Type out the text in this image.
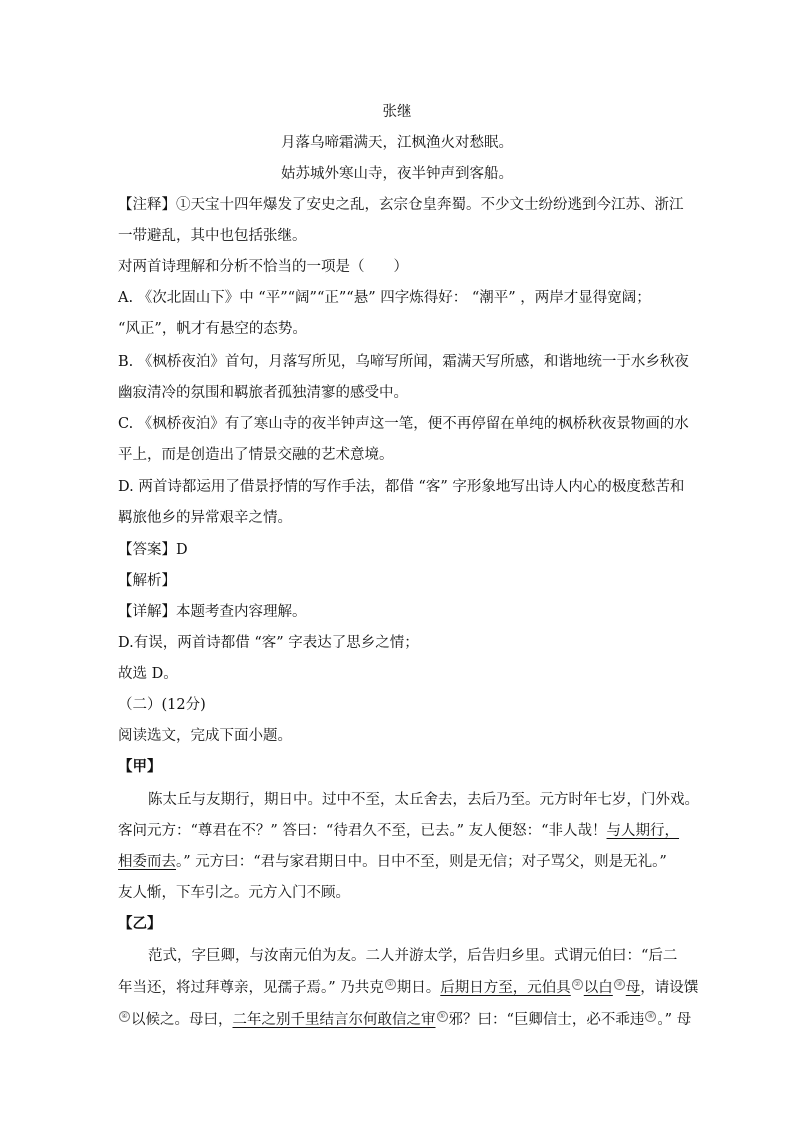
张继
月落乌啼霜满天，江枫渔火对愁眠。
姑苏城外寒山寺，夜半钟声到客船。
【注释】①天宝十四年爆发了安史之乱，玄宗仓皇奔蜀。不少文士纷纷逃到今江苏、浙江
一带避乱，其中也包括张继。
对两首诗理解和分析不恰当的一项是（　　）
A. 《次北固山下》中 “平”“阔”“正”“悬” 四字炼得好： “潮平” ，两岸才显得宽阔；
“风正”，帆才有悬空的态势。
B. 《枫桥夜泊》首句，月落写所见，乌啼写所闻，霜满天写所感，和谐地统一于水乡秋夜
幽寂清冷的氛围和羁旅者孤独清寥的感受中。
C. 《枫桥夜泊》有了寒山寺的夜半钟声这一笔，便不再停留在单纯的枫桥秋夜景物画的水
平上，而是创造出了情景交融的艺术意境。
D. 两首诗都运用了借景抒情的写作手法，都借 “客” 字形象地写出诗人内心的极度愁苦和
羁旅他乡的异常艰辛之情。
【答案】D
【解析】
【详解】本题考查内容理解。
D.有误，两首诗都借 “客” 字表达了思乡之情；
故选 D。
（二）(12分)
阅读选文，完成下面小题。
【甲】
陈太丘与友期行，期日中。过中不至，太丘舍去，去后乃至。元方时年七岁，门外戏。
客问元方：“尊君在不？” 答曰：“待君久不至，已去。” 友人便怒：“非人哉！与人期行，
相委而去。” 元方曰：“君与家君期日中。日中不至，则是无信；对子骂父，则是无礼。”
友人惭，下车引之。元方入门不顾。
【乙】
范式，字巨卿，与汝南元伯为友。二人并游太学，后告归乡里。式谓元伯曰：“后二
年当还，将过拜尊亲，见孺子焉。” 乃共克 ① 期日。后期日方至，元伯具 ② 以白 ③ 母，请设馔
④ 以候之。母曰，二年之别千里结言尔何敢信之审 ⑤ 邪？曰：“巨卿信士，必不乖违 ⑥ 。” 母
